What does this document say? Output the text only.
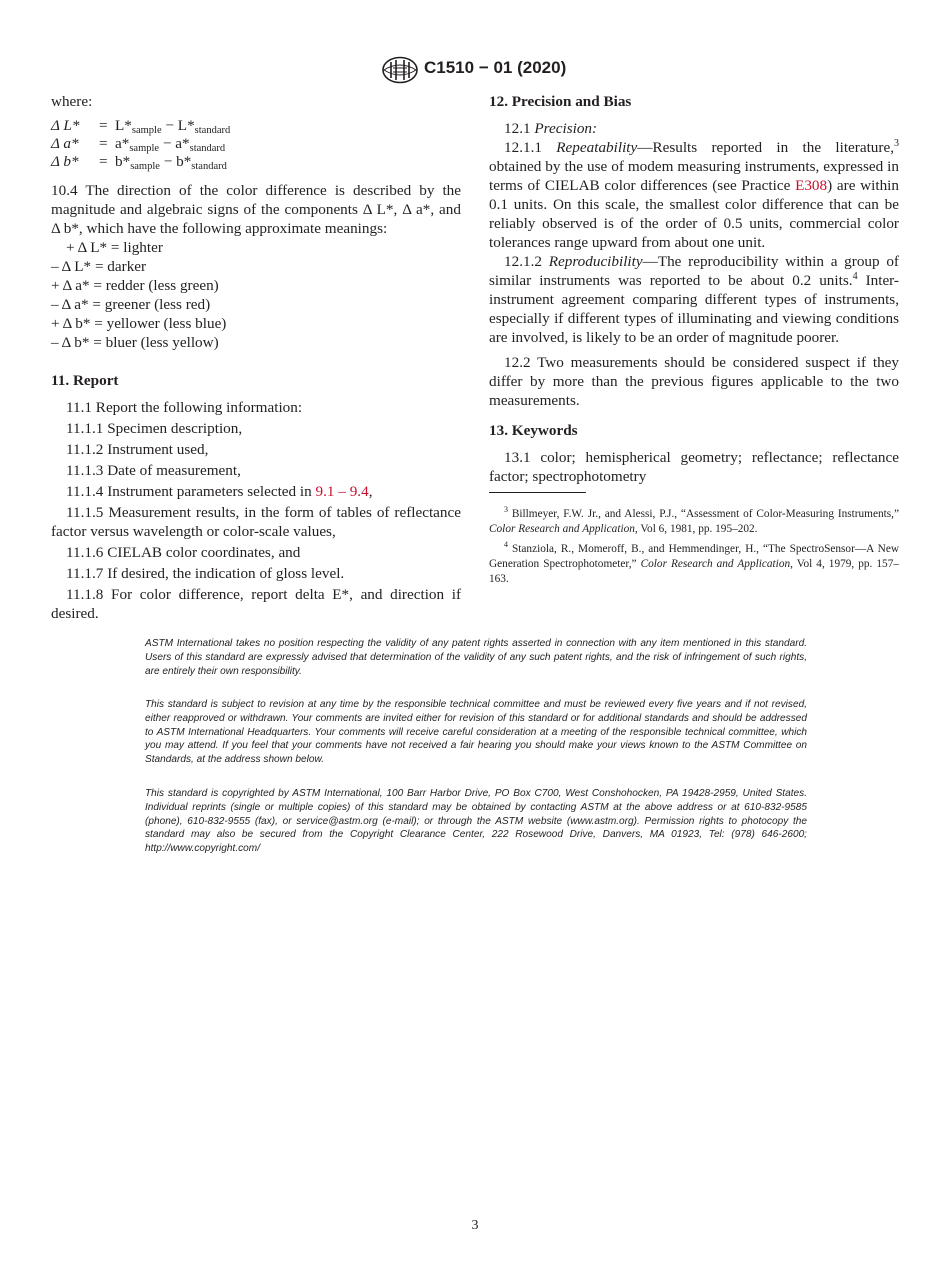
C1510 − 01 (2020)

where:

Δ L*	=	$L*_{sample} - L*_{standard}$
Δ a*	=	$a*_{sample} - a*_{standard}$
Δ b*	=	$b*_{sample} - b*_{standard}$

10.4 The direction of the color difference is described by the magnitude and algebraic signs of the components Δ L*, Δ a*, and Δ b*, which have the following approximate meanings:

+ Δ L* = lighter

– Δ L* = darker

+ Δ a* = redder (less green)

– Δ a* = greener (less red)

+ Δ b* = yellower (less blue)

– Δ b* = bluer (less yellow)

11. Report

11.1 Report the following information:

11.1.1 Specimen description,

11.1.2 Instrument used,

11.1.3 Date of measurement,

11.1.4 Instrument parameters selected in 9.1 – 9.4,

11.1.5 Measurement results, in the form of tables of reflectance factor versus wavelength or color-scale values,

11.1.6 CIELAB color coordinates, and

11.1.7 If desired, the indication of gloss level.

11.1.8 For color difference, report delta E*, and direction if desired.

12. Precision and Bias

12.1 Precision:

12.1.1 Repeatability—Results reported in the literature,$^3$ obtained by the use of modem measuring instruments, expressed in terms of CIELAB color differences (see Practice E308) are within 0.1 units. On this scale, the smallest color difference that can be reliably observed is of the order of 0.5 units, commercial color tolerances range upward from about one unit.

12.1.2 Reproducibility—The reproducibility within a group of similar instruments was reported to be about 0.2 units.$^4$ Inter-instrument agreement comparing different types of instruments, especially if different types of illuminating and viewing conditions are involved, is likely to be an order of magnitude poorer.

12.2 Two measurements should be considered suspect if they differ by more than the previous figures applicable to the two measurements.

13. Keywords

13.1 color; hemispherical geometry; reflectance; reflectance factor; spectrophotometry

$^3$ Billmeyer, F.W. Jr., and Alessi, P.J., “Assessment of Color-Measuring Instruments,” Color Research and Application, Vol 6, 1981, pp. 195–202.

$^4$ Stanziola, R., Momeroff, B., and Hemmendinger, H., “The SpectroSensor—A New Generation Spectrophotometer,” Color Research and Application, Vol 4, 1979, pp. 157–163.

ASTM International takes no position respecting the validity of any patent rights asserted in connection with any item mentioned in this standard. Users of this standard are expressly advised that determination of the validity of any such patent rights, and the risk of infringement of such rights, are entirely their own responsibility.

This standard is subject to revision at any time by the responsible technical committee and must be reviewed every five years and if not revised, either reapproved or withdrawn. Your comments are invited either for revision of this standard or for additional standards and should be addressed to ASTM International Headquarters. Your comments will receive careful consideration at a meeting of the responsible technical committee, which you may attend. If you feel that your comments have not received a fair hearing you should make your views known to the ASTM Committee on Standards, at the address shown below.

This standard is copyrighted by ASTM International, 100 Barr Harbor Drive, PO Box C700, West Conshohocken, PA 19428-2959, United States. Individual reprints (single or multiple copies) of this standard may be obtained by contacting ASTM at the above address or at 610-832-9585 (phone), 610-832-9555 (fax), or service@astm.org (e-mail); or through the ASTM website (www.astm.org). Permission rights to photocopy the standard may also be secured from the Copyright Clearance Center, 222 Rosewood Drive, Danvers, MA 01923, Tel: (978) 646-2600; http://www.copyright.com/

3
